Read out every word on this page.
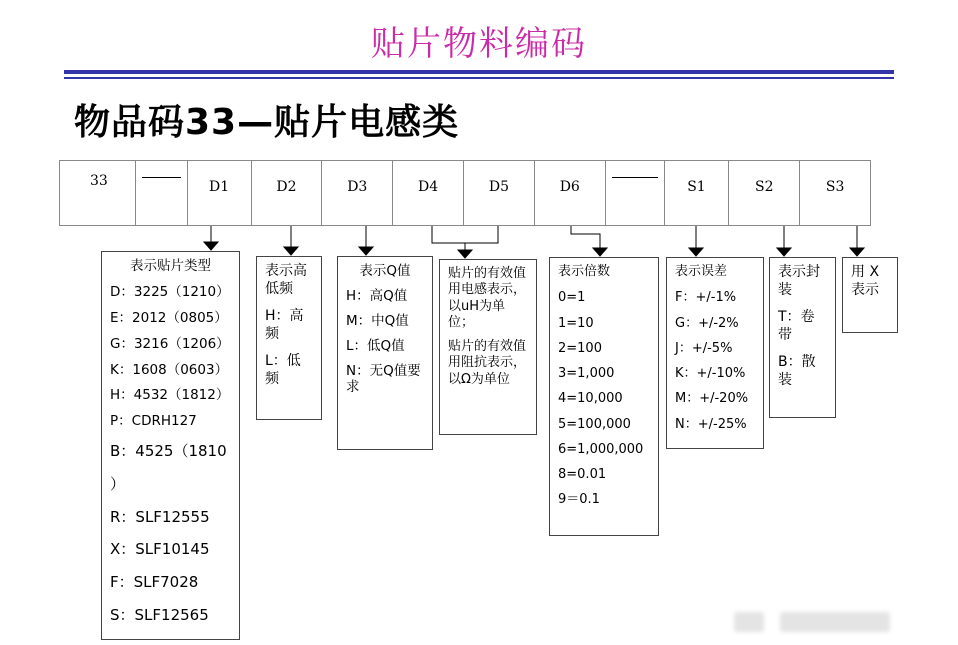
贴片物料编码
物品码33—贴片电感类
33	D1	D2	D3	D4	D5	D6	S1	S2	S3
表示贴片类型
D：3225（1210）
E：2012（0805）
G：3216（1206）
K：1608（0603）
H：4532（1812）
P：CDRH127
B：4525（1810
）
R：SLF12555
X：SLF10145
F：SLF7028
S：SLF12565
表示高低频
H：高频
L：低频
表示Q值
H：高Q值
M：中Q值
L：低Q值
N：无Q值要求
贴片的有效值用电感表示，以uH为单位；
贴片的有效值用阻抗表示，以Ω为单位
表示倍数
0=1
1=10
2=100
3=1,000
4=10,000
5=100,000
6=1,000,000
8=0.01
9＝0.1
表示误差
F：+/-1%
G：+/-2%
J：+/-5%
K：+/-10%
M：+/-20%
N：+/-25%
表示封装
T：卷带
B：散装
用 X 表示
